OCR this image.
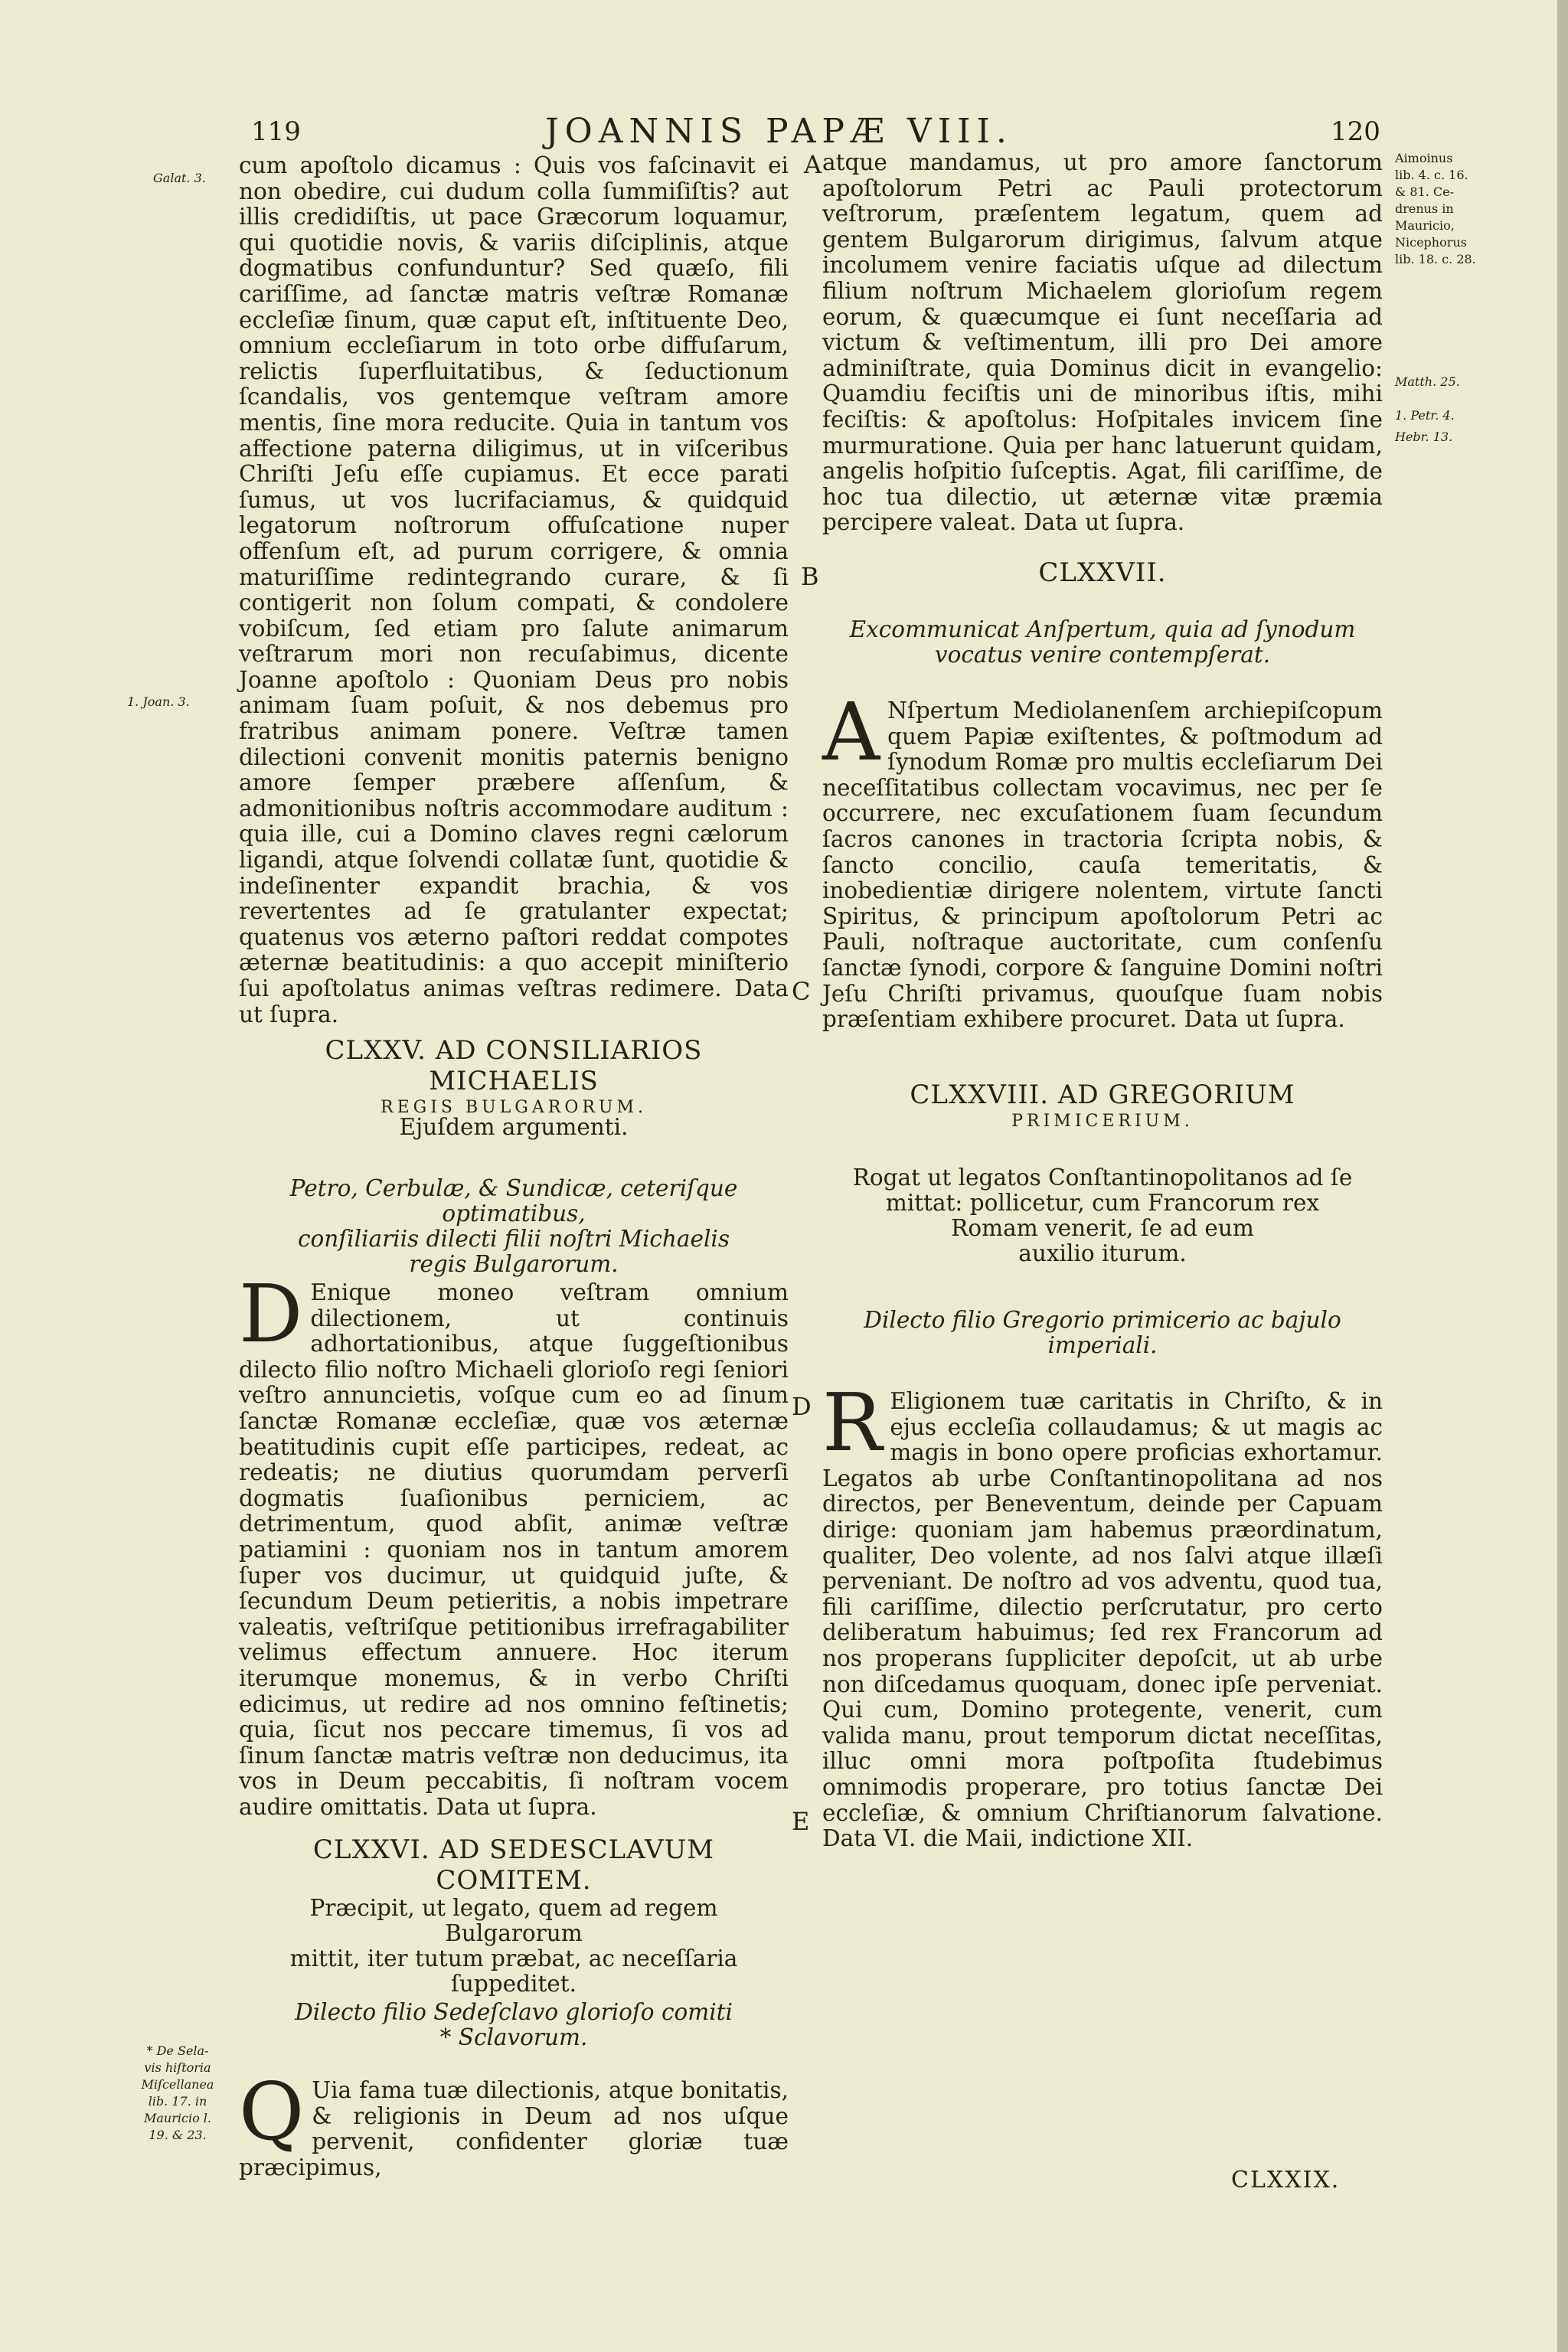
119	JOANNIS PAPÆ VIII.	120
Galat. 3.
1. Joan. 3.
* De Sela-
vis hiſtoria
Miſcellanea
lib. 17. in
Mauricio l.
19. & 23.
Aimoinus
lib. 4. c. 16.
& 81. Ce-
drenus in
Mauricio,
Nicephorus
lib. 18. c. 28.
Matth. 25.
1. Petr. 4.
Hebr. 13.
A
B
C
D
E

cum apoſtolo dicamus : Quis vos faſcinavit ei non obedire, cui dudum colla ſummiſiſtis? aut illis credidiſtis, ut pace Græcorum loquamur, qui quotidie novis, & variis diſciplinis, atque dogmatibus confunduntur? Sed quæſo, fili cariſſime, ad ſanctæ matris veſtræ Romanæ eccleſiæ ſinum, quæ caput eſt, inſtituente Deo, omnium eccleſiarum in toto orbe diffuſarum, relictis ſuperfluitatibus, & ſeductionum ſcandalis, vos gentemque veſtram amore mentis, ſine mora reducite. Quia in tantum vos affectione paterna diligimus, ut in viſceribus Chriſti Jeſu eſſe cupiamus. Et ecce parati ſumus, ut vos lucrifaciamus, & quidquid legatorum noſtrorum offuſcatione nuper offenſum eſt, ad purum corrigere, & omnia maturiſſime redintegrando curare, & ſi contigerit non ſolum compati, & condolere vobiſcum, ſed etiam pro ſalute animarum veſtrarum mori non recuſabimus, dicente Joanne apoſtolo : Quoniam Deus pro nobis animam ſuam poſuit, & nos debemus pro fratribus animam ponere. Veſtræ tamen dilectioni convenit monitis paternis benigno amore ſemper præbere aſſenſum, & admonitionibus noſtris accommodare auditum : quia ille, cui a Domino claves regni cælorum ligandi, atque ſolvendi collatæ ſunt, quotidie & indeſinenter expandit brachia, & vos revertentes ad ſe gratulanter expectat; quatenus vos æterno paſtori reddat compotes æternæ beatitudinis: a quo accepit miniſterio ſui apoſtolatus animas veſtras redimere. Data ut ſupra.

CLXXV. AD CONSILIARIOS MICHAELIS
REGIS BULGARORUM.
Ejuſdem argumenti.
Petro, Cerbulæ, & Sundicæ, ceteriſque optimatibus,
conſiliariis dilecti filii noſtri Michaelis
regis Bulgarorum.
D Enique moneo veſtram omnium dilectionem, ut continuis adhortationibus, atque ſuggeſtionibus dilecto filio noſtro Michaeli glorioſo regi ſeniori veſtro annuncietis, voſque cum eo ad ſinum ſanctæ Romanæ eccleſiæ, quæ vos æternæ beatitudinis cupit eſſe participes, redeat, ac redeatis; ne diutius quorumdam perverſi dogmatis ſuaſionibus perniciem, ac detrimentum, quod abſit, animæ veſtræ patiamini : quoniam nos in tantum amorem ſuper vos ducimur, ut quidquid juſte, & ſecundum Deum petieritis, a nobis impetrare valeatis, veſtriſque petitionibus irrefragabiliter velimus effectum annuere. Hoc iterum iterumque monemus, & in verbo Chriſti edicimus, ut redire ad nos omnino feſtinetis; quia, ſicut nos peccare timemus, ſi vos ad ſinum ſanctæ matris veſtræ non deducimus, ita vos in Deum peccabitis, ſi noſtram vocem audire omittatis. Data ut ſupra.

CLXXVI. AD SEDESCLAVUM COMITEM.
Præcipit, ut legato, quem ad regem Bulgarorum
mittit, iter tutum præbat, ac neceſſaria
ſuppeditet.
Dilecto filio Sedeſclavo glorioſo comiti
* Sclavorum.
Q Uia fama tuæ dilectionis, atque bonitatis, & religionis in Deum ad nos uſque pervenit, confidenter gloriæ tuæ præcipimus,

atque mandamus, ut pro amore ſanctorum apoſtolorum Petri ac Pauli protectorum veſtrorum, præſentem legatum, quem ad gentem Bulgarorum dirigimus, ſalvum atque incolumem venire faciatis uſque ad dilectum filium noſtrum Michaelem glorioſum regem eorum, & quæcumque ei ſunt neceſſaria ad victum & veſtimentum, illi pro Dei amore adminiſtrate, quia Dominus dicit in evangelio: Quamdiu feciſtis uni de minoribus iſtis, mihi feciſtis: & apoſtolus: Hoſpitales invicem ſine murmuratione. Quia per hanc latuerunt quidam, angelis hoſpitio ſuſceptis. Agat, fili cariſſime, de hoc tua dilectio, ut æternæ vitæ præmia percipere valeat. Data ut ſupra.

CLXXVII.
Excommunicat Anſpertum, quia ad ſynodum
vocatus venire contempſerat.
A Nſpertum Mediolanenſem archiepiſcopum quem Papiæ exiſtentes, & poſtmodum ad ſynodum Romæ pro multis eccleſiarum Dei neceſſitatibus collectam vocavimus, nec per ſe occurrere, nec excuſationem ſuam ſecundum ſacros canones in tractoria ſcripta nobis, & ſancto concilio, cauſa temeritatis, & inobedientiæ dirigere nolentem, virtute ſancti Spiritus, & principum apoſtolorum Petri ac Pauli, noſtraque auctoritate, cum conſenſu ſanctæ ſynodi, corpore & ſanguine Domini noſtri Jeſu Chriſti privamus, quouſque ſuam nobis præſentiam exhibere procuret. Data ut ſupra.

CLXXVIII. AD GREGORIUM
PRIMICERIUM.
Rogat ut legatos Conſtantinopolitanos ad ſe
mittat: pollicetur, cum Francorum rex
Romam venerit, ſe ad eum
auxilio iturum.
Dilecto filio Gregorio primicerio ac bajulo
imperiali.
R Eligionem tuæ caritatis in Chriſto, & in ejus eccleſia collaudamus; & ut magis ac magis in bono opere proficias exhortamur. Legatos ab urbe Conſtantinopolitana ad nos directos, per Beneventum, deinde per Capuam dirige: quoniam jam habemus præordinatum, qualiter, Deo volente, ad nos ſalvi atque illæſi perveniant. De noſtro ad vos adventu, quod tua, fili cariſſime, dilectio perſcrutatur, pro certo deliberatum habuimus; ſed rex Francorum ad nos properans ſuppliciter depoſcit, ut ab urbe non diſcedamus quoquam, donec ipſe perveniat. Qui cum, Domino protegente, venerit, cum valida manu, prout temporum dictat neceſſitas, illuc omni mora poſtpoſita ſtudebimus omnimodis properare, pro totius ſanctæ Dei eccleſiæ, & omnium Chriſtianorum ſalvatione. Data VI. die Maii, indictione XII.

CLXXIX.
